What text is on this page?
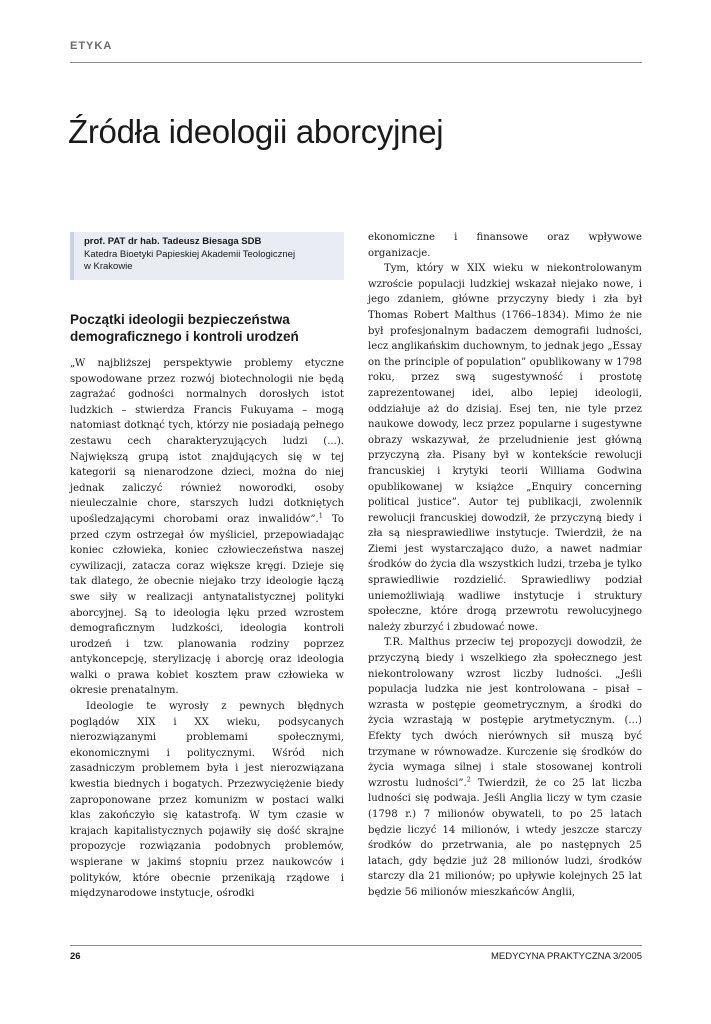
ETYKA
Źródła ideologii aborcyjnej
prof. PAT dr hab. Tadeusz Biesaga SDB
Katedra Bioetyki Papieskiej Akademii Teologicznej
w Krakowie
Początki ideologii bezpieczeństwa demograficznego i kontroli urodzeń

„W najbliższej perspektywie problemy etyczne spowodowane przez rozwój biotechnologii nie będą zagrażać godności normalnych dorosłych istot ludzkich – stwierdza Francis Fukuyama – mogą natomiast dotknąć tych, którzy nie posiadają pełnego zestawu cech charakteryzujących ludzi (...). Największą grupą istot znajdujących się w tej kategorii są nienarodzone dzieci, można do niej jednak zaliczyć również noworodki, osoby nieuleczalnie chore, starszych ludzi dotkniętych upośledzającymi chorobami oraz inwalidów”.$^1$ To przed czym ostrzegał ów myśliciel, przepowiadając koniec człowieka, koniec człowieczeństwa naszej cywilizacji, zatacza coraz większe kręgi. Dzieje się tak dlatego, że obecnie niejako trzy ideologie łączą swe siły w realizacji antynatalistycznej polityki aborcyjnej. Są to ideologia lęku przed wzrostem demograficznym ludzkości, ideologia kontroli urodzeń i tzw. planowania rodziny poprzez antykoncepcję, sterylizację i aborcję oraz ideologia walki o prawa kobiet kosztem praw człowieka w okresie prenatalnym.

Ideologie te wyrosły z pewnych błędnych poglądów XIX i XX wieku, podsycanych nierozwiązanymi problemami społecznymi, ekonomicznymi i politycznymi. Wśród nich zasadniczym problemem była i jest nierozwiązana kwestia biednych i bogatych. Przezwyciężenie biedy zaproponowane przez komunizm w postaci walki klas zakończyło się katastrofą. W tym czasie w krajach kapitalistycznych pojawiły się dość skrajne propozycje rozwiązania podobnych problemów, wspierane w jakimś stopniu przez naukowców i polityków, które obecnie przenikają rządowe i międzynarodowe instytucje, ośrodki

ekonomiczne i finansowe oraz wpływowe organizacje.

Tym, który w XIX wieku w niekontrolowanym wzroście populacji ludzkiej wskazał niejako nowe, i jego zdaniem, główne przyczyny biedy i zła był Thomas Robert Malthus (1766–1834). Mimo że nie był profesjonalnym badaczem demografii ludności, lecz anglikańskim duchownym, to jednak jego „Essay on the principle of population” opublikowany w 1798 roku, przez swą sugestywność i prostotę zaprezentowanej idei, albo lepiej ideologii, oddziałuje aż do dzisiaj. Esej ten, nie tyle przez naukowe dowody, lecz przez popularne i sugestywne obrazy wskazywał, że przeludnienie jest główną przyczyną zła. Pisany był w kontekście rewolucji francuskiej i krytyki teorii Williama Godwina opublikowanej w książce „Enquiry concerning political justice”. Autor tej publikacji, zwolennik rewolucji francuskiej dowodził, że przyczyną biedy i zła są niesprawiedliwe instytucje. Twierdził, że na Ziemi jest wystarczająco dużo, a nawet nadmiar środków do życia dla wszystkich ludzi, trzeba je tylko sprawiedliwie rozdzielić. Sprawiedliwy podział uniemożliwiają wadliwe instytucje i struktury społeczne, które drogą przewrotu rewolucyjnego należy zburzyć i zbudować nowe.

T.R. Malthus przeciw tej propozycji dowodził, że przyczyną biedy i wszelkiego zła społecznego jest niekontrolowany wzrost liczby ludności. „Jeśli populacja ludzka nie jest kontrolowana – pisał – wzrasta w postępie geometrycznym, a środki do życia wzrastają w postępie arytmetycznym. (...) Efekty tych dwóch nierównych sił muszą być trzymane w równowadze. Kurczenie się środków do życia wymaga silnej i stale stosowanej kontroli wzrostu ludności”.$^2$ Twierdził, że co 25 lat liczba ludności się podwaja. Jeśli Anglia liczy w tym czasie (1798 r.) 7 milionów obywateli, to po 25 latach będzie liczyć 14 milionów, i wtedy jeszcze starczy środków do przetrwania, ale po następnych 25 latach, gdy będzie już 28 milionów ludzi, środków starczy dla 21 milionów; po upływie kolejnych 25 lat będzie 56 milionów mieszkańców Anglii,

26	MEDYCYNA PRAKTYCZNA 3/2005
